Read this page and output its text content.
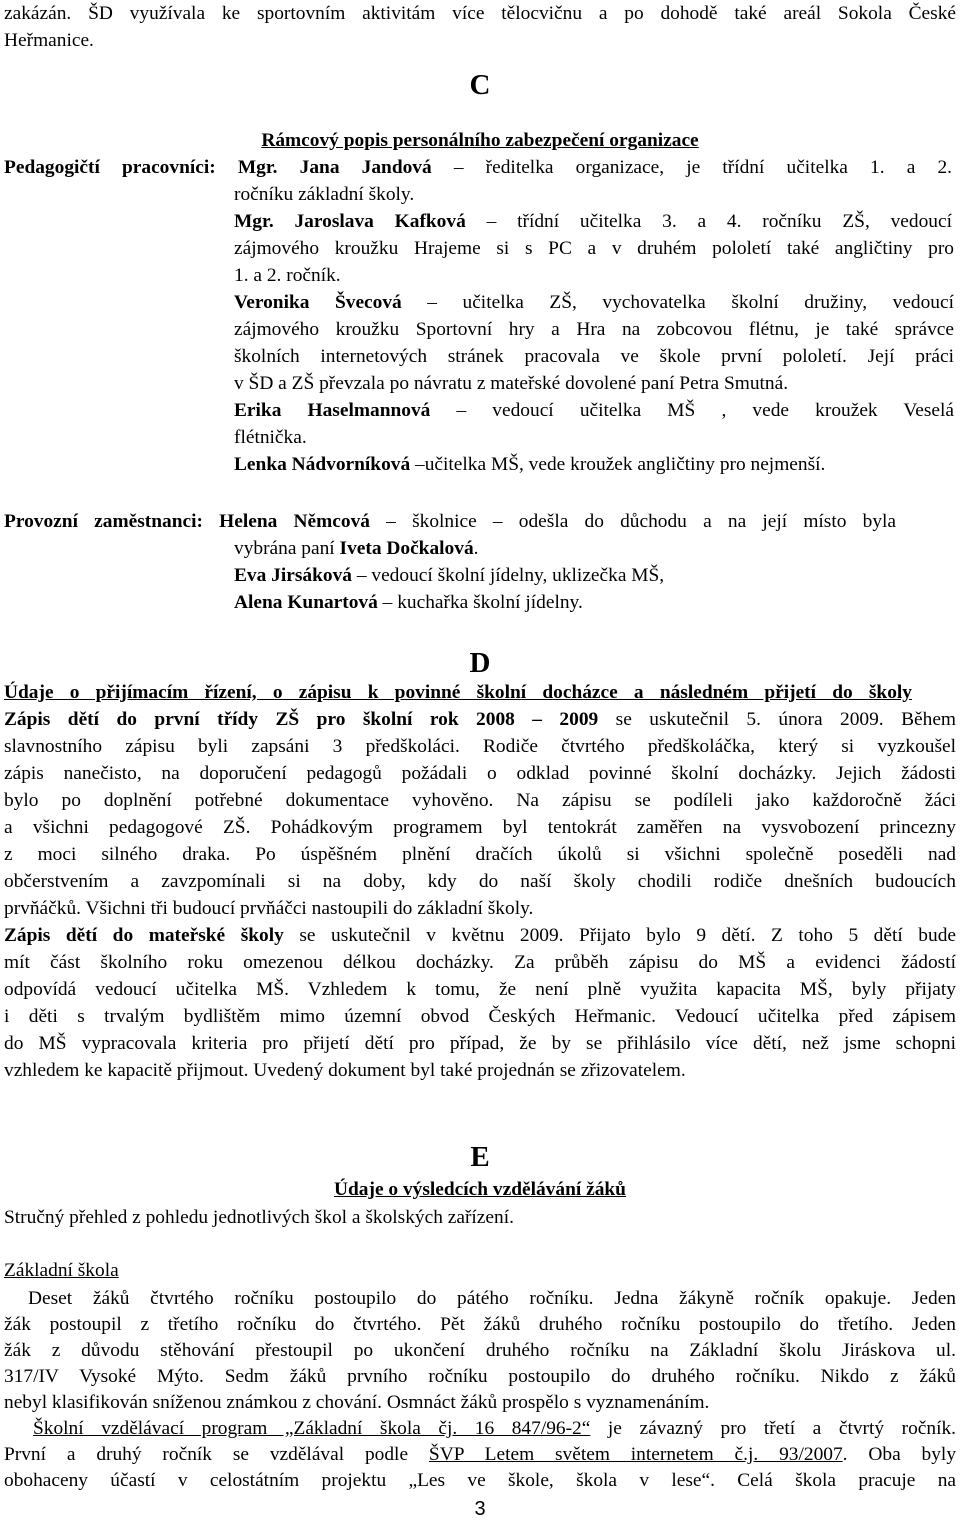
zakázán. ŠD využívala ke sportovním aktivitám více tělocvičnu a po dohodě také areál Sokola České
Heřmanice.
C
Rámcový popis personálního zabezpečení organizace
Pedagogičtí pracovníci: Mgr. Jana Jandová – ředitelka organizace, je třídní učitelka 1. a 2.
ročníku základní školy.
Mgr. Jaroslava Kafková – třídní učitelka 3. a 4. ročníku ZŠ, vedoucí
zájmového kroužku Hrajeme si s PC a v druhém pololetí také angličtiny pro
1. a 2. ročník.
Veronika Švecová – učitelka ZŠ, vychovatelka školní družiny, vedoucí
zájmového kroužku Sportovní hry a Hra na zobcovou flétnu, je také správce
školních internetových stránek pracovala ve škole první pololetí. Její práci
v ŠD a ZŠ převzala po návratu z mateřské dovolené paní Petra Smutná.
Erika Haselmannová – vedoucí učitelka MŠ , vede kroužek Veselá
flétnička.
Lenka Nádvorníková –učitelka MŠ, vede kroužek angličtiny pro nejmenší.
Provozní zaměstnanci: Helena Němcová – školnice – odešla do důchodu a na její místo byla
vybrána paní Iveta Dočkalová.
Eva Jirsáková – vedoucí školní jídelny, uklizečka MŠ,
Alena Kunartová – kuchařka školní jídelny.
D
Údaje o přijímacím řízení, o zápisu k povinné školní docházce a následném přijetí do školy
Zápis dětí do první třídy ZŠ pro školní rok 2008 – 2009 se uskutečnil 5. února 2009. Během
slavnostního zápisu byli zapsáni 3 předškoláci. Rodiče čtvrtého předškoláčka, který si vyzkoušel
zápis nanečisto, na doporučení pedagogů požádali o odklad povinné školní docházky. Jejich žádosti
bylo po doplnění potřebné dokumentace vyhověno. Na zápisu se podíleli jako každoročně žáci
a všichni pedagogové ZŠ. Pohádkovým programem byl tentokrát zaměřen na vysvobození princezny
z moci silného draka. Po úspěšném plnění dračích úkolů si všichni společně poseděli nad
občerstvením a zavzpomínali si na doby, kdy do naší školy chodili rodiče dnešních budoucích
prvňáčků. Všichni tři budoucí prvňáčci nastoupili do základní školy.
Zápis dětí do mateřské školy se uskutečnil v květnu 2009. Přijato bylo 9 dětí. Z toho 5 dětí bude
mít část školního roku omezenou délkou docházky. Za průběh zápisu do MŠ a evidenci žádostí
odpovídá vedoucí učitelka MŠ. Vzhledem k tomu, že není plně využita kapacita MŠ, byly přijaty
i děti s trvalým bydlištěm mimo územní obvod Českých Heřmanic. Vedoucí učitelka před zápisem
do MŠ vypracovala kriteria pro přijetí dětí pro případ, že by se přihlásilo více dětí, než jsme schopni
vzhledem ke kapacitě přijmout. Uvedený dokument byl také projednán se zřizovatelem.
E
Údaje o výsledcích vzdělávání žáků
Stručný přehled z pohledu jednotlivých škol a školských zařízení.
Základní škola
Deset žáků čtvrtého ročníku postoupilo do pátého ročníku. Jedna žákyně ročník opakuje. Jeden
žák postoupil z třetího ročníku do čtvrtého. Pět žáků druhého ročníku postoupilo do třetího. Jeden
žák z důvodu stěhování přestoupil po ukončení druhého ročníku na Základní školu Jiráskova ul.
317/IV Vysoké Mýto. Sedm žáků prvního ročníku postoupilo do druhého ročníku. Nikdo z žáků
nebyl klasifikován sníženou známkou z chování. Osmnáct žáků prospělo s vyznamenáním.
Školní vzdělávací program „Základní škola čj. 16 847/96-2“ je závazný pro třetí a čtvrtý ročník.
První a druhý ročník se vzdělával podle ŠVP Letem světem internetem č.j. 93/2007. Oba byly
obohaceny účastí v celostátním projektu „Les ve škole, škola v lese“. Celá škola pracuje na
3
